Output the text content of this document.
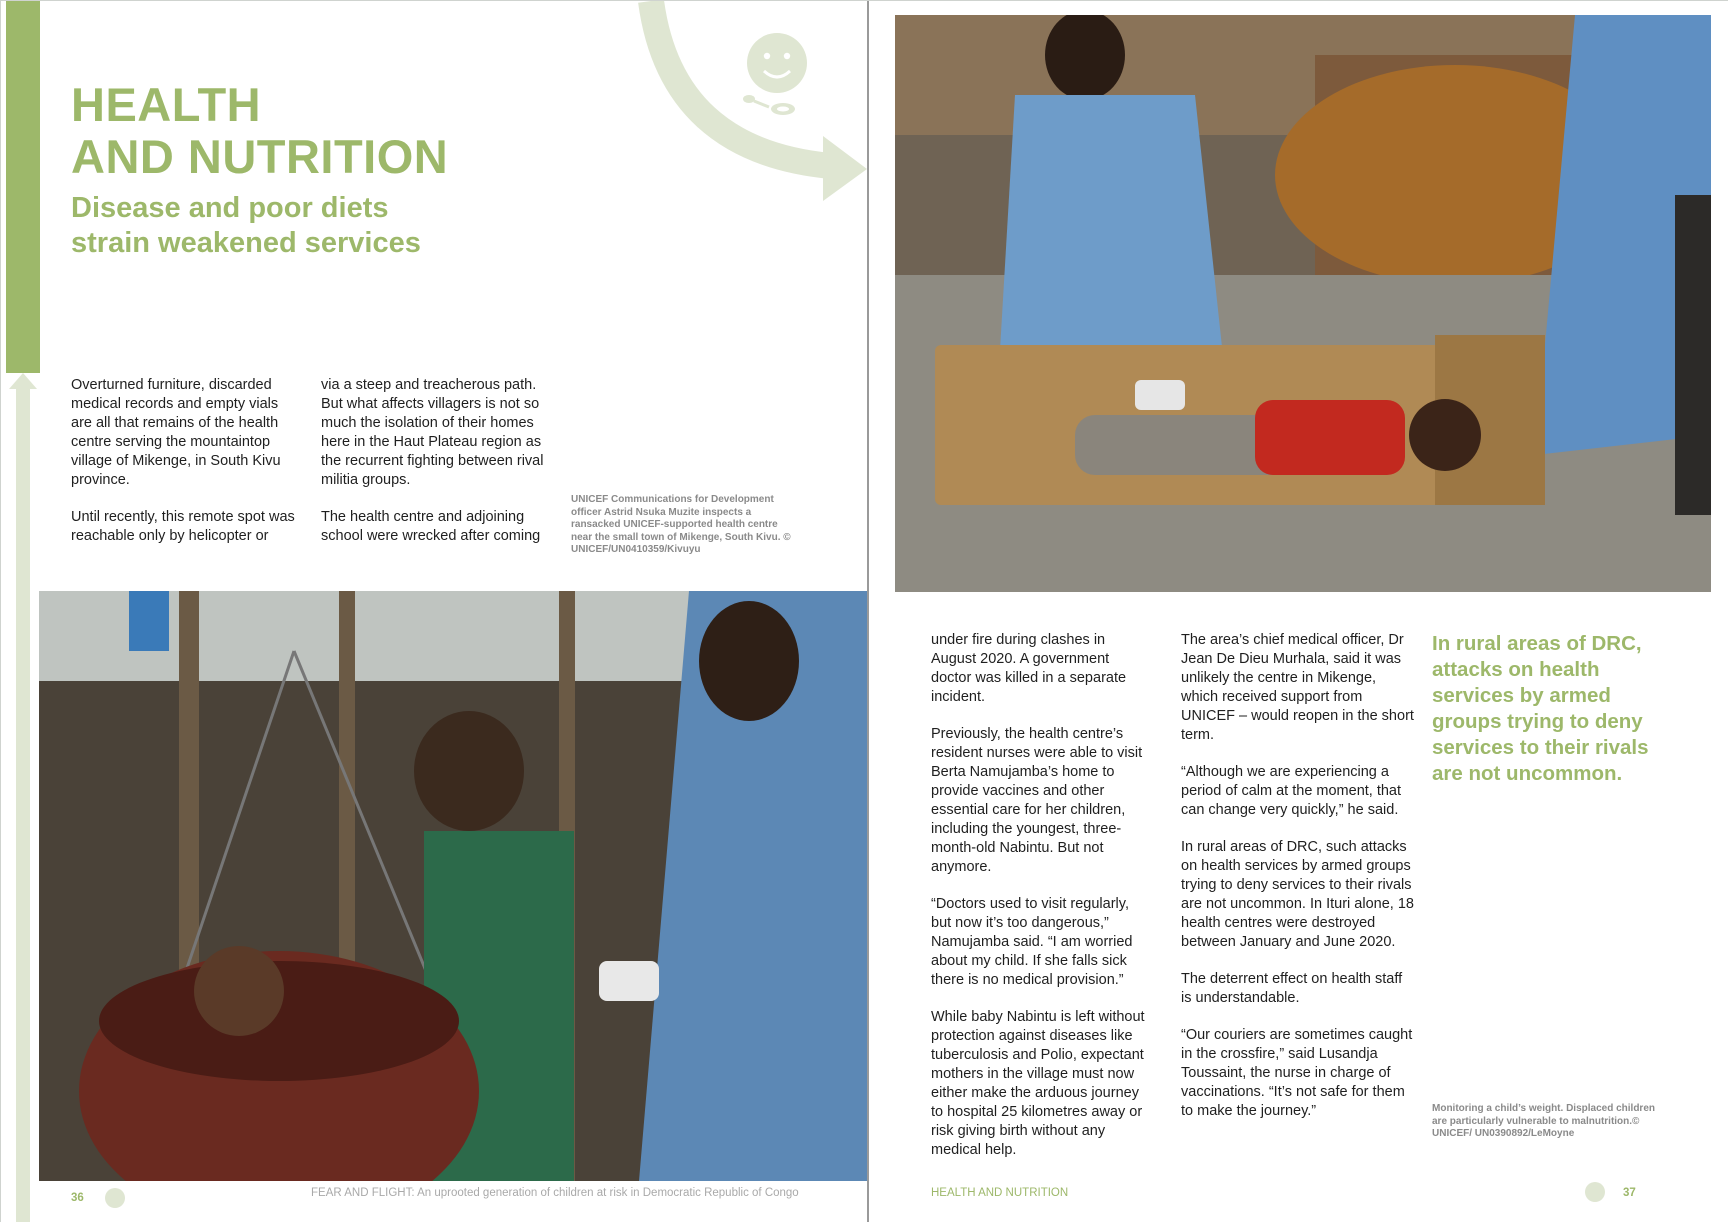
HEALTH
AND NUTRITION
Disease and poor diets
strain weakened services

Overturned furniture, discarded medical records and empty vials are all that remains of the health centre serving the mountaintop village of Mikenge, in South Kivu province.

Until recently, this remote spot was reachable only by helicopter or

via a steep and treacherous path. But what affects villagers is not so much the isolation of their homes here in the Haut Plateau region as the recurrent fighting between rival militia groups.

The health centre and adjoining school were wrecked after coming

UNICEF Communications for Development officer Astrid Nsuka Muzite inspects a ransacked UNICEF-supported health centre near the small town of Mikenge, South Kivu. © UNICEF/UN0410359/Kivuyu
36	FEAR AND FLIGHT: An uprooted generation of children at risk in Democratic Republic of Congo

under fire during clashes in August 2020. A government doctor was killed in a separate incident.

Previously, the health centre’s resident nurses were able to visit Berta Namujamba’s home to provide vaccines and other essential care for her children, including the youngest, three-month-old Nabintu. But not anymore.

“Doctors used to visit regularly, but now it’s too dangerous,” Namujamba said. “I am worried about my child. If she falls sick there is no medical provision.”

While baby Nabintu is left without protection against diseases like tuberculosis and Polio, expectant mothers in the village must now either make the arduous journey to hospital 25 kilometres away or risk giving birth without any medical help.

The area’s chief medical officer, Dr Jean De Dieu Murhala, said it was unlikely the centre in Mikenge, which received support from UNICEF – would reopen in the short term.

“Although we are experiencing a period of calm at the moment, that can change very quickly,” he said.

In rural areas of DRC, such attacks on health services by armed groups trying to deny services to their rivals are not uncommon. In Ituri alone, 18 health centres were destroyed between January and June 2020.

The deterrent effect on health staff is understandable.

“Our couriers are sometimes caught in the crossfire,” said Lusandja Toussaint, the nurse in charge of vaccinations. “It’s not safe for them to make the journey.”

In rural areas of DRC, attacks on health services by armed groups trying to deny services to their rivals are not uncommon.
Monitoring a child’s weight. Displaced children are particularly vulnerable to malnutrition.© UNICEF/ UN0390892/LeMoyne
HEALTH AND NUTRITION	37
